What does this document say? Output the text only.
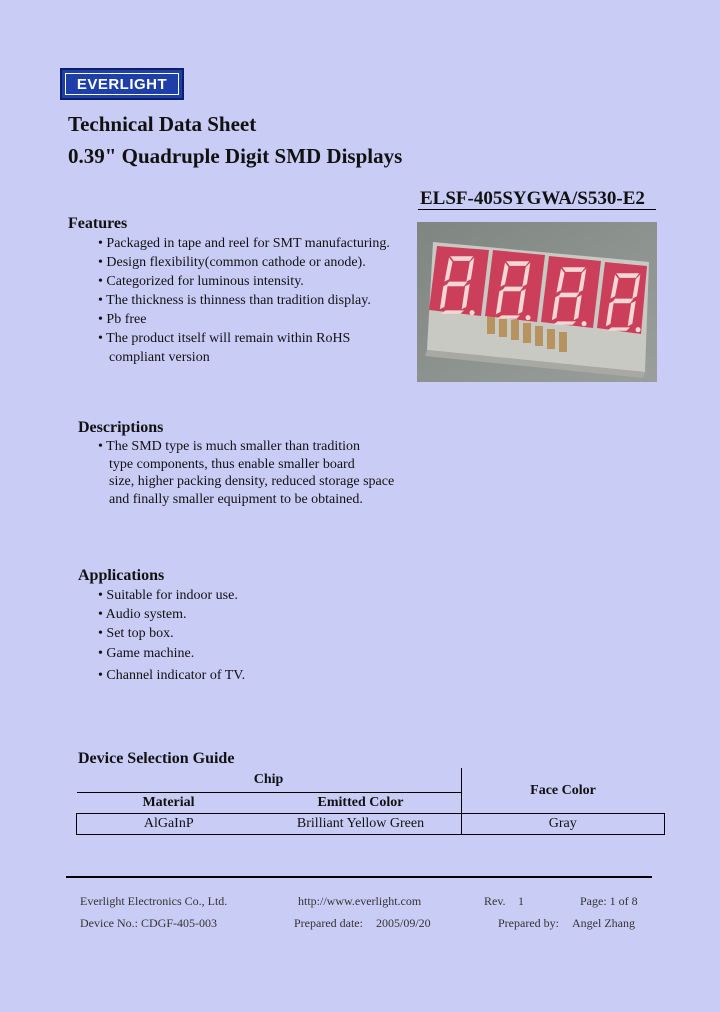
EVERLIGHT
Technical Data Sheet
0.39" Quadruple Digit SMD Displays
ELSF-405SYGWA/S530-E2
Features
• Packaged in tape and reel for SMT manufacturing.
• Design flexibility(common cathode or anode).
• Categorized for luminous intensity.
• The thickness is thinness than tradition display.
• Pb free
• The product itself will remain within RoHS
compliant version
Descriptions
• The SMD type is much smaller than tradition
type components, thus enable smaller board
size, higher packing density, reduced storage space
and finally smaller equipment to be obtained.
Applications
• Suitable for indoor use.
• Audio system.
• Set top box.
• Game machine.
• Channel indicator of TV.
Device Selection Guide
Chip		Face Color
Material	Emitted Color	
AlGaInP	Brilliant Yellow Green	Gray
Everlight Electronics Co., Ltd.	http://www.everlight.com	Rev. 1	Page: 1 of 8
Device No.: CDGF-405-003	Prepared date: 2005/09/20	Prepared by: Angel Zhang
